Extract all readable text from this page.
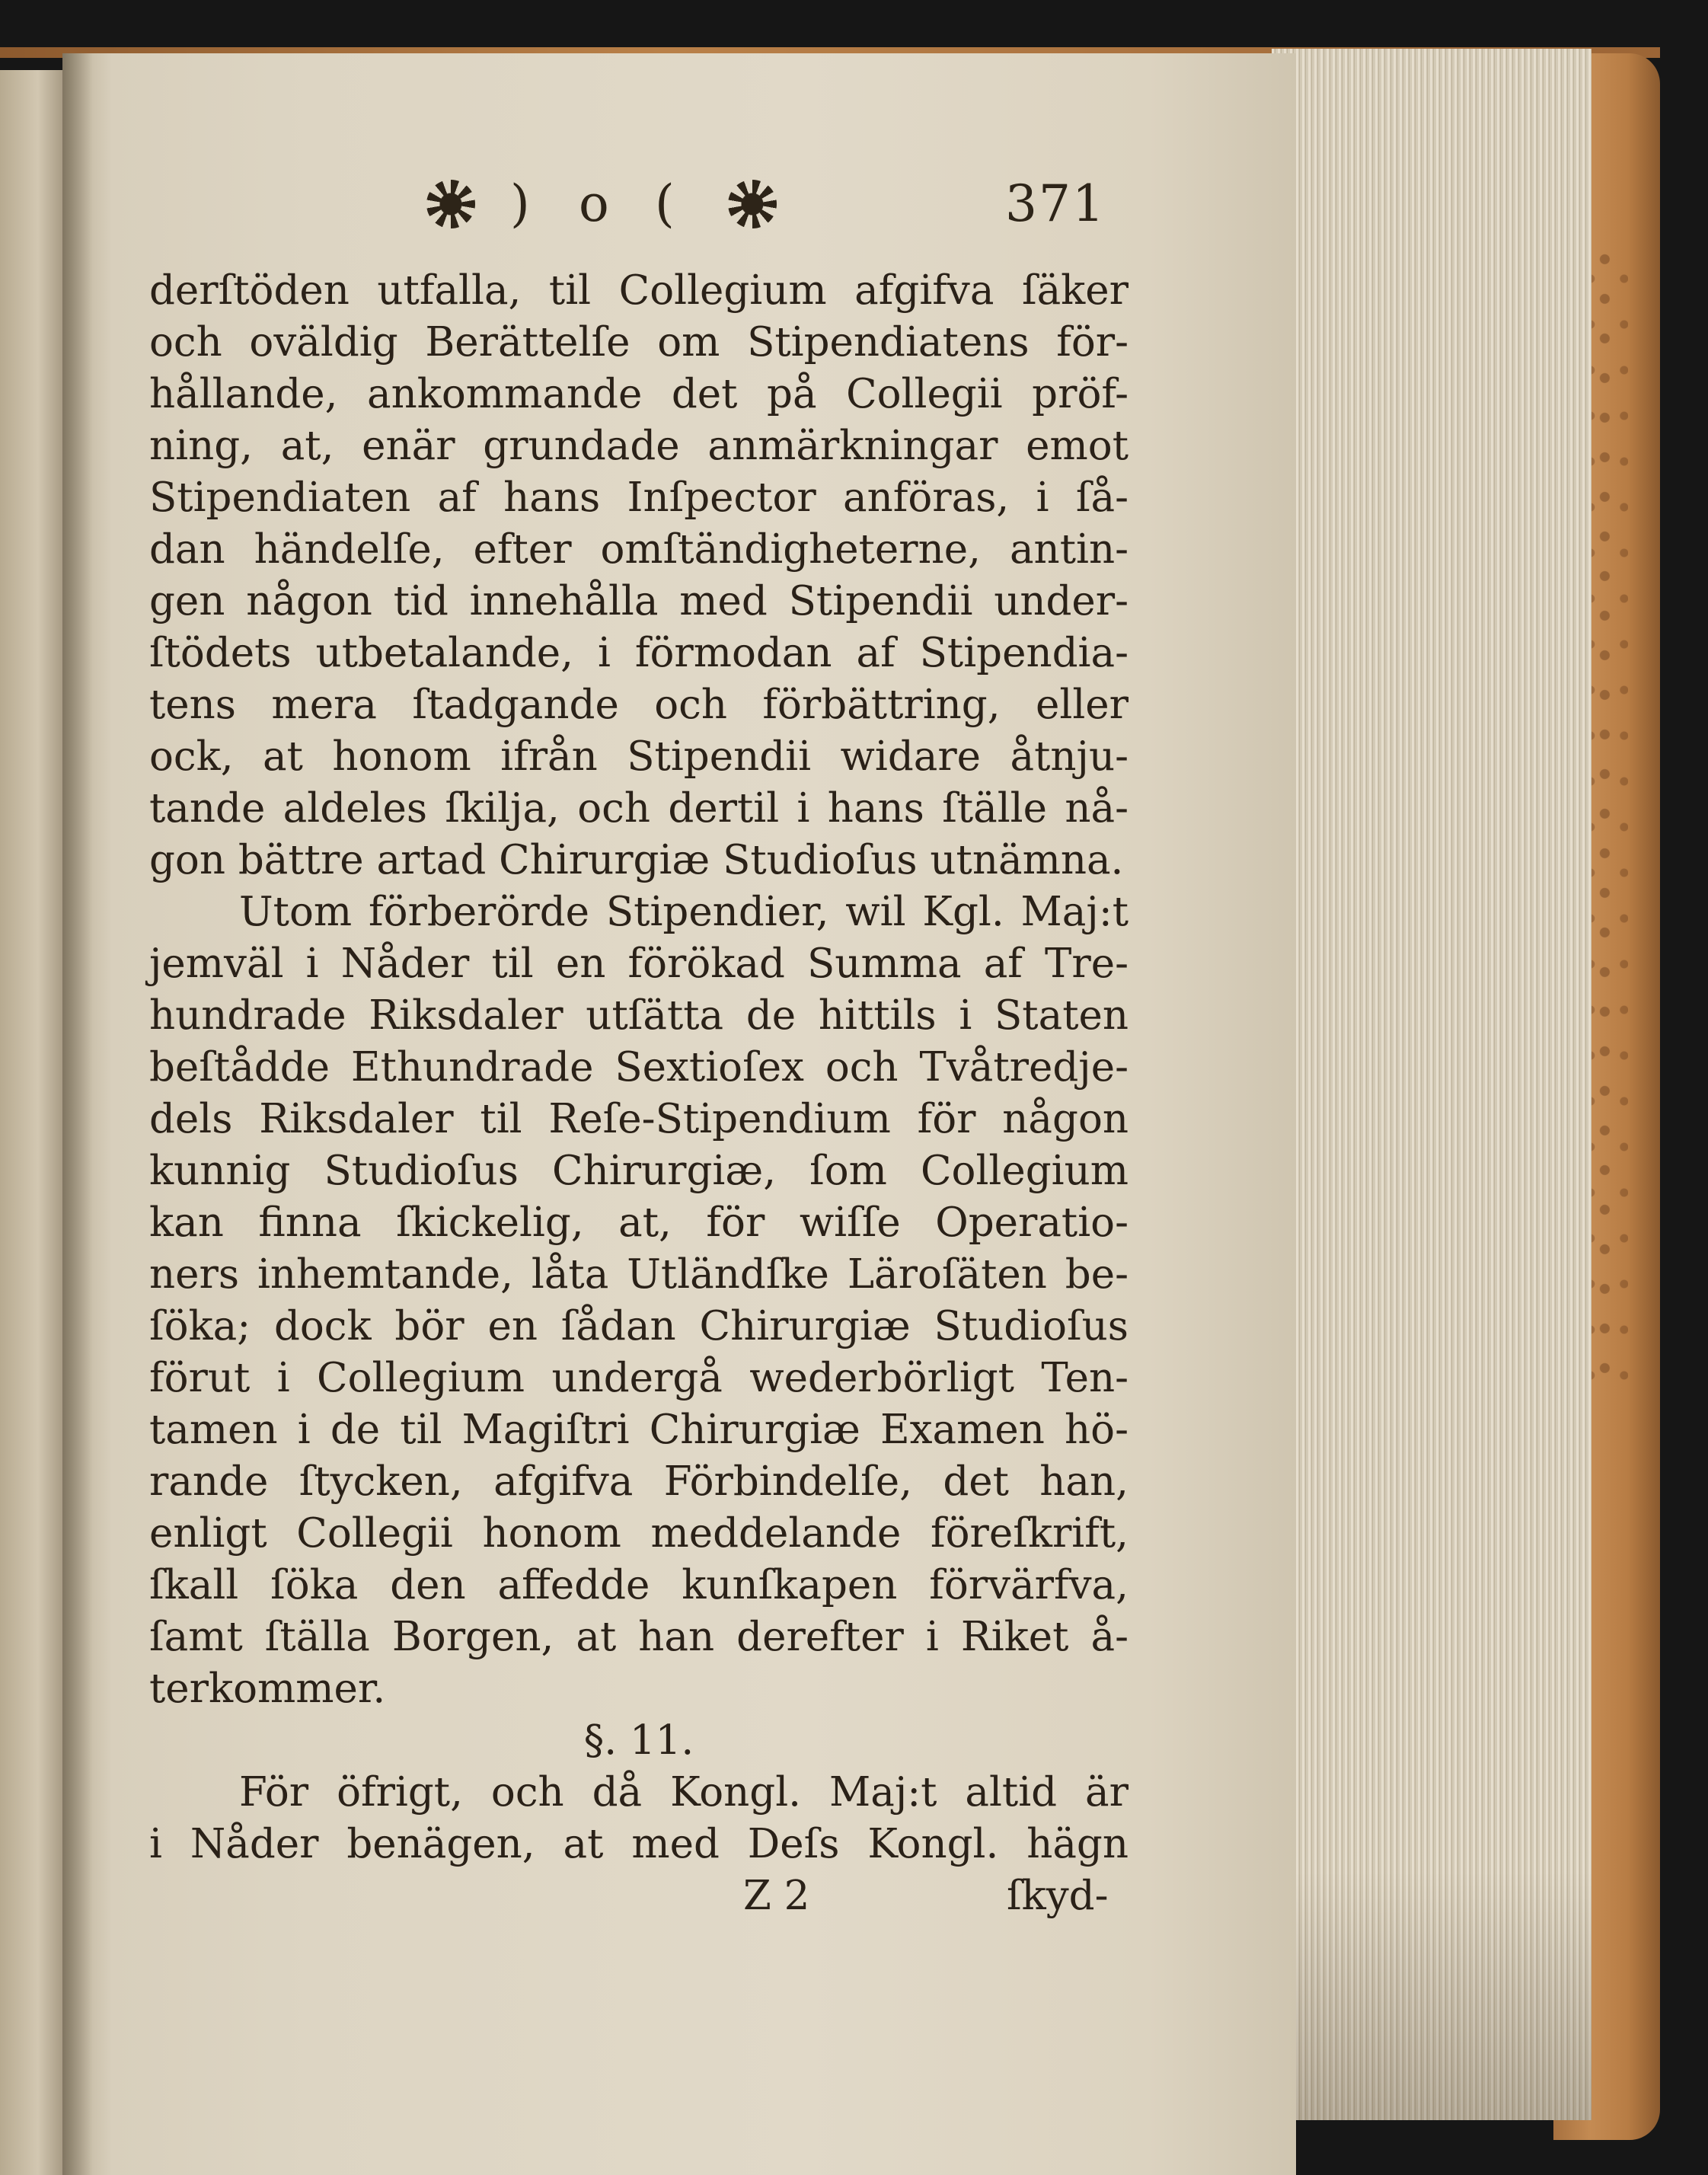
) o (	371
derſtöden utfalla, til Collegium afgifva ſäker
och oväldig Berättelſe om Stipendiatens för-
hållande, ankommande det på Collegii pröf-
ning, at, enär grundade anmärkningar emot
Stipendiaten af hans Inſpector anföras, i ſå-
dan händelſe, efter omſtändigheterne, antin-
gen någon tid innehålla med Stipendii under-
ſtödets utbetalande, i förmodan af Stipendia-
tens mera ſtadgande och förbättring, eller
ock, at honom ifrån Stipendii widare åtnju-
tande aldeles ſkilja, och dertil i hans ſtälle nå-
gon bättre artad Chirurgiæ Studioſus utnämna.
Utom förberörde Stipendier, wil Kgl. Maj:t
jemväl i Nåder til en förökad Summa af Tre-
hundrade Riksdaler utſätta de hittils i Staten
beſtådde Ethundrade Sextioſex och Tvåtredje-
dels Riksdaler til Reſe-Stipendium för någon
kunnig Studioſus Chirurgiæ, ſom Collegium
kan finna ſkickelig, at, för wiſſe Operatio-
ners inhemtande, låta Utländſke Läroſäten be-
ſöka; dock bör en ſådan Chirurgiæ Studioſus
förut i Collegium undergå wederbörligt Ten-
tamen i de til Magiſtri Chirurgiæ Examen hö-
rande ſtycken, afgifva Förbindelſe, det han,
enligt Collegii honom meddelande föreſkrift,
ſkall ſöka den affedde kunſkapen förvärfva,
ſamt ſtälla Borgen, at han derefter i Riket å-
terkommer.
§. 11.
För öfrigt, och då Kongl. Maj:t altid är
i Nåder benägen, at med Deſs Kongl. hägn
Z 2	ſkyd-
